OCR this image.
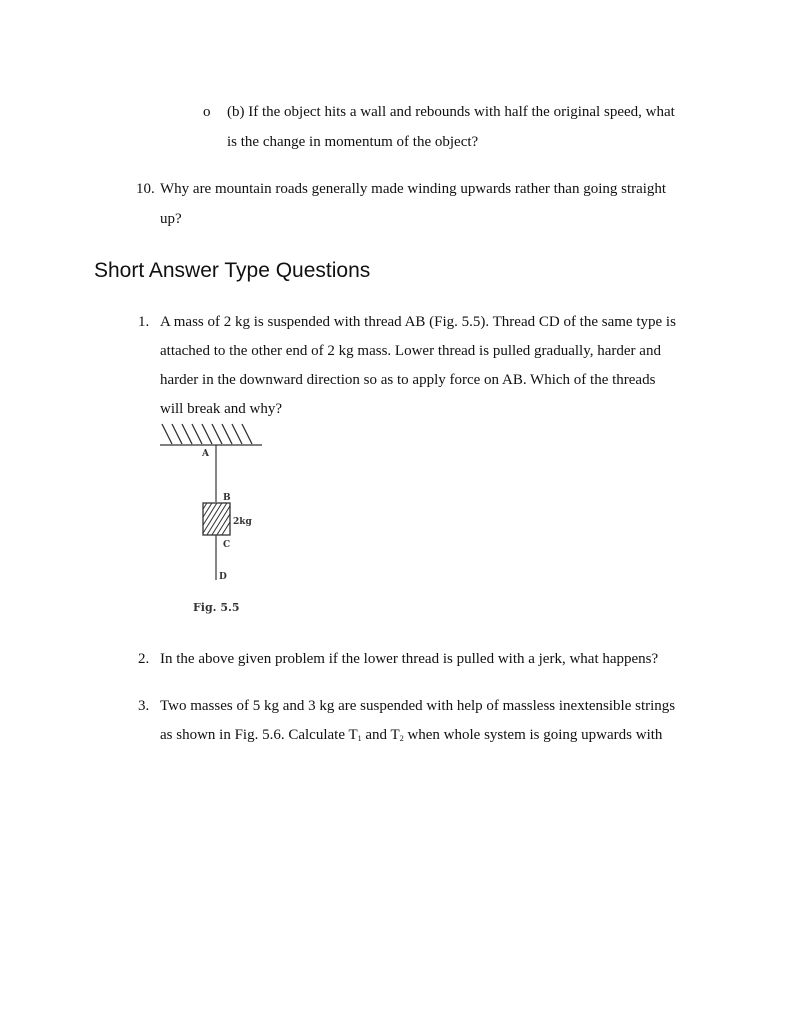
o (b) If the object hits a wall and rebounds with half the original speed, what
is the change in momentum of the object?
10. Why are mountain roads generally made winding upwards rather than going straight
up?
Short Answer Type Questions
1. A mass of 2 kg is suspended with thread AB (Fig. 5.5). Thread CD of the same type is
attached to the other end of 2 kg mass. Lower thread is pulled gradually, harder and
harder in the downward direction so as to apply force on AB. Which of the threads
will break and why?
A
B
C
D
2kg
Fig. 5.5
2. In the above given problem if the lower thread is pulled with a jerk, what happens?
3. Two masses of 5 kg and 3 kg are suspended with help of massless inextensible strings
as shown in Fig. 5.6. Calculate $T_1$ and $T_2$ when whole system is going upwards with
